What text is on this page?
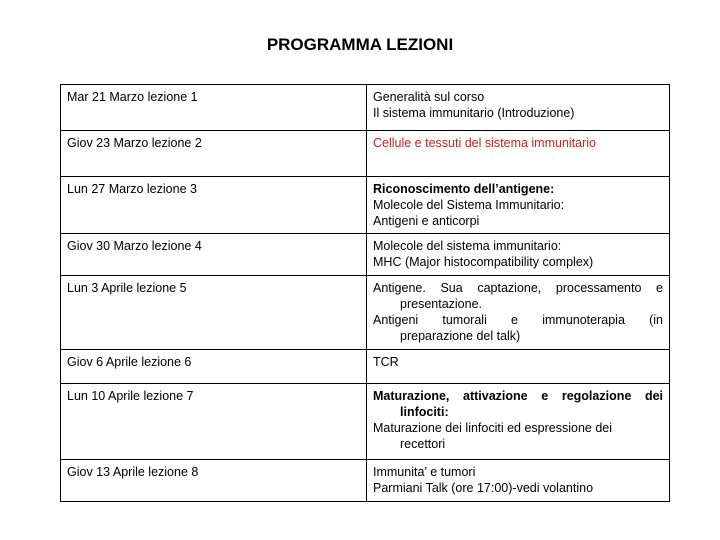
PROGRAMMA LEZIONI
Mar 21 Marzo lezione 1	Generalità sul corso
Il sistema immunitario (Introduzione)

Giov 23 Marzo lezione 2	Cellule e tessuti del sistema immunitario

Lun 27 Marzo lezione 3	Riconoscimento dell’antigene:
Molecole del Sistema Immunitario:
Antigeni e anticorpi

Giov 30 Marzo lezione 4	Molecole del sistema immunitario:
MHC (Major histocompatibility complex)

Lun 3 Aprile lezione 5	Antigene. Sua captazione, processamento e
presentazione.
Antigeni tumorali e immunoterapia (in
preparazione del talk)

Giov 6 Aprile lezione 6	TCR

Lun 10 Aprile lezione 7	Maturazione, attivazione e regolazione dei
linfociti:
Maturazione dei linfociti ed espressione dei
recettori

Giov 13 Aprile lezione 8	Immunita’ e tumori
Parmiani Talk (ore 17:00)-vedi volantino
